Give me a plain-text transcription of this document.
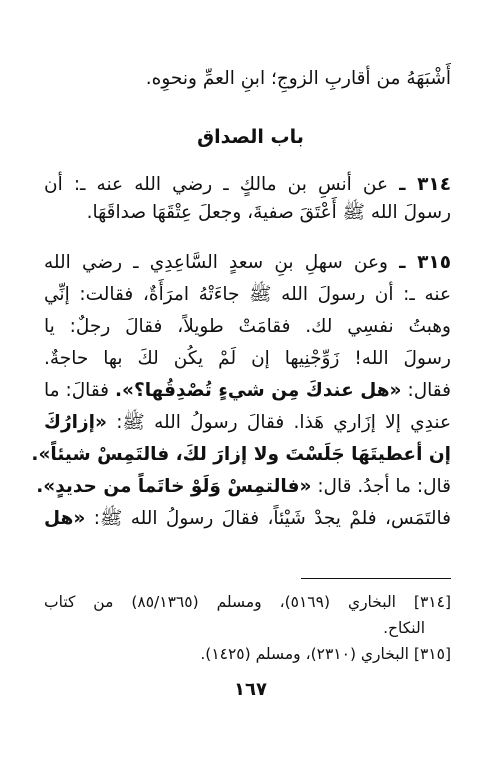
أَشْبَهَهُ من أقاربِ الزوجِ؛ ابنِ العمِّ ونحوِه.
باب الصداق
٣١٤ ـ عن أنسِ بن مالكٍ ـ رضي الله عنه ـ: أن
رسولَ الله ﷺ أَعْتَقَ صفيةَ، وجعلَ عِتْقَهَا صداقَهَا.
٣١٥ ـ وعن سهلِ بنِ سعدٍ السَّاعِدِي ـ رضي الله
عنه ـ: أن رسولَ الله ﷺ جاءَتْهُ امرَأَةٌ، فقالت: إنِّي
وهبتُ نفسِي لك. فقامَتْ طويلاً، فقالَ رجلٌ: يا
رسولَ الله! زَوِّجْنِيها إن لَمْ يكُن لكَ بها حاجةٌ.
فقال: «هل عندكَ مِن شيءٍ تُصْدِقُها؟». فقالَ: ما
عندِي إلا إزَاري هَذا. فقالَ رسولُ الله ﷺ: «إزارُكَ
إن أعطيتَهَا جَلَسْتَ ولا إزارَ لكَ، فالتَمِسْ شيئاً».
قال: ما أجدُ. قال: «فالتمِسْ وَلَوْ خاتَماً من حديدٍ».
فالتَمَس، فلمْ يجدْ شَيْئاً، فقالَ رسولُ الله ﷺ: «هل
[٣١٤] البخاري (٥١٦٩)، ومسلم (٨٥/١٣٦٥) من كتاب
النكاح.
[٣١٥] البخاري (٢٣١٠)، ومسلم (١٤٢٥).
١٦٧
